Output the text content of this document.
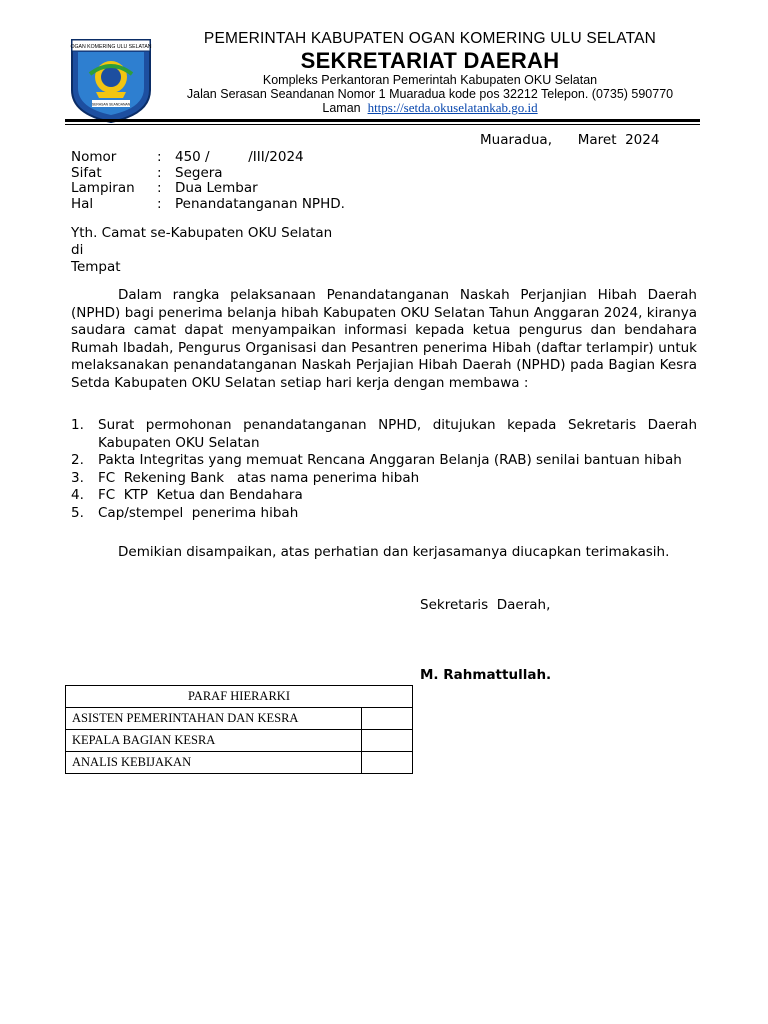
OGAN KOMERING ULU SELATAN
SERASAN SEANDANAN
PEMERINTAH KABUPATEN OGAN KOMERING ULU SELATAN
SEKRETARIAT DAERAH
Kompleks Perkantoran Pemerintah Kabupaten OKU Selatan
Jalan Serasan Seandanan Nomor 1 Muaradua kode pos 32212 Telepon. (0735) 590770
Laman https://setda.okuselatankab.go.id
Muaradua,      Maret  2024
Nomor	: 450 /         /III/2024
Sifat	: Segera
Lampiran : Dua Lembar
Hal	: Penandatanganan NPHD.
Yth. Camat se-Kabupaten OKU Selatan
di
Tempat
Dalam rangka pelaksanaan Penandatanganan Naskah Perjanjian Hibah Daerah (NPHD) bagi penerima belanja hibah Kabupaten OKU Selatan Tahun Anggaran 2024, kiranya saudara camat dapat menyampaikan informasi kepada ketua pengurus dan bendahara Rumah Ibadah, Pengurus Organisasi dan Pesantren penerima Hibah (daftar terlampir) untuk melaksanakan penandatanganan Naskah Perjajian Hibah Daerah (NPHD) pada Bagian Kesra Setda Kabupaten OKU Selatan setiap hari kerja dengan membawa :
1. Surat permohonan penandatanganan NPHD, ditujukan kepada Sekretaris Daerah Kabupaten OKU Selatan
2. Pakta Integritas yang memuat Rencana Anggaran Belanja (RAB) senilai bantuan hibah
3. FC  Rekening Bank   atas nama penerima hibah
4. FC  KTP  Ketua dan Bendahara
5. Cap/stempel  penerima hibah
Demikian disampaikan, atas perhatian dan kerjasamanya diucapkan terimakasih.
Sekretaris  Daerah,
M. Rahmattullah.
PARAF HIERARKI	
ASISTEN PEMERINTAHAN DAN KESRA	
KEPALA BAGIAN KESRA	
ANALIS KEBIJAKAN	
